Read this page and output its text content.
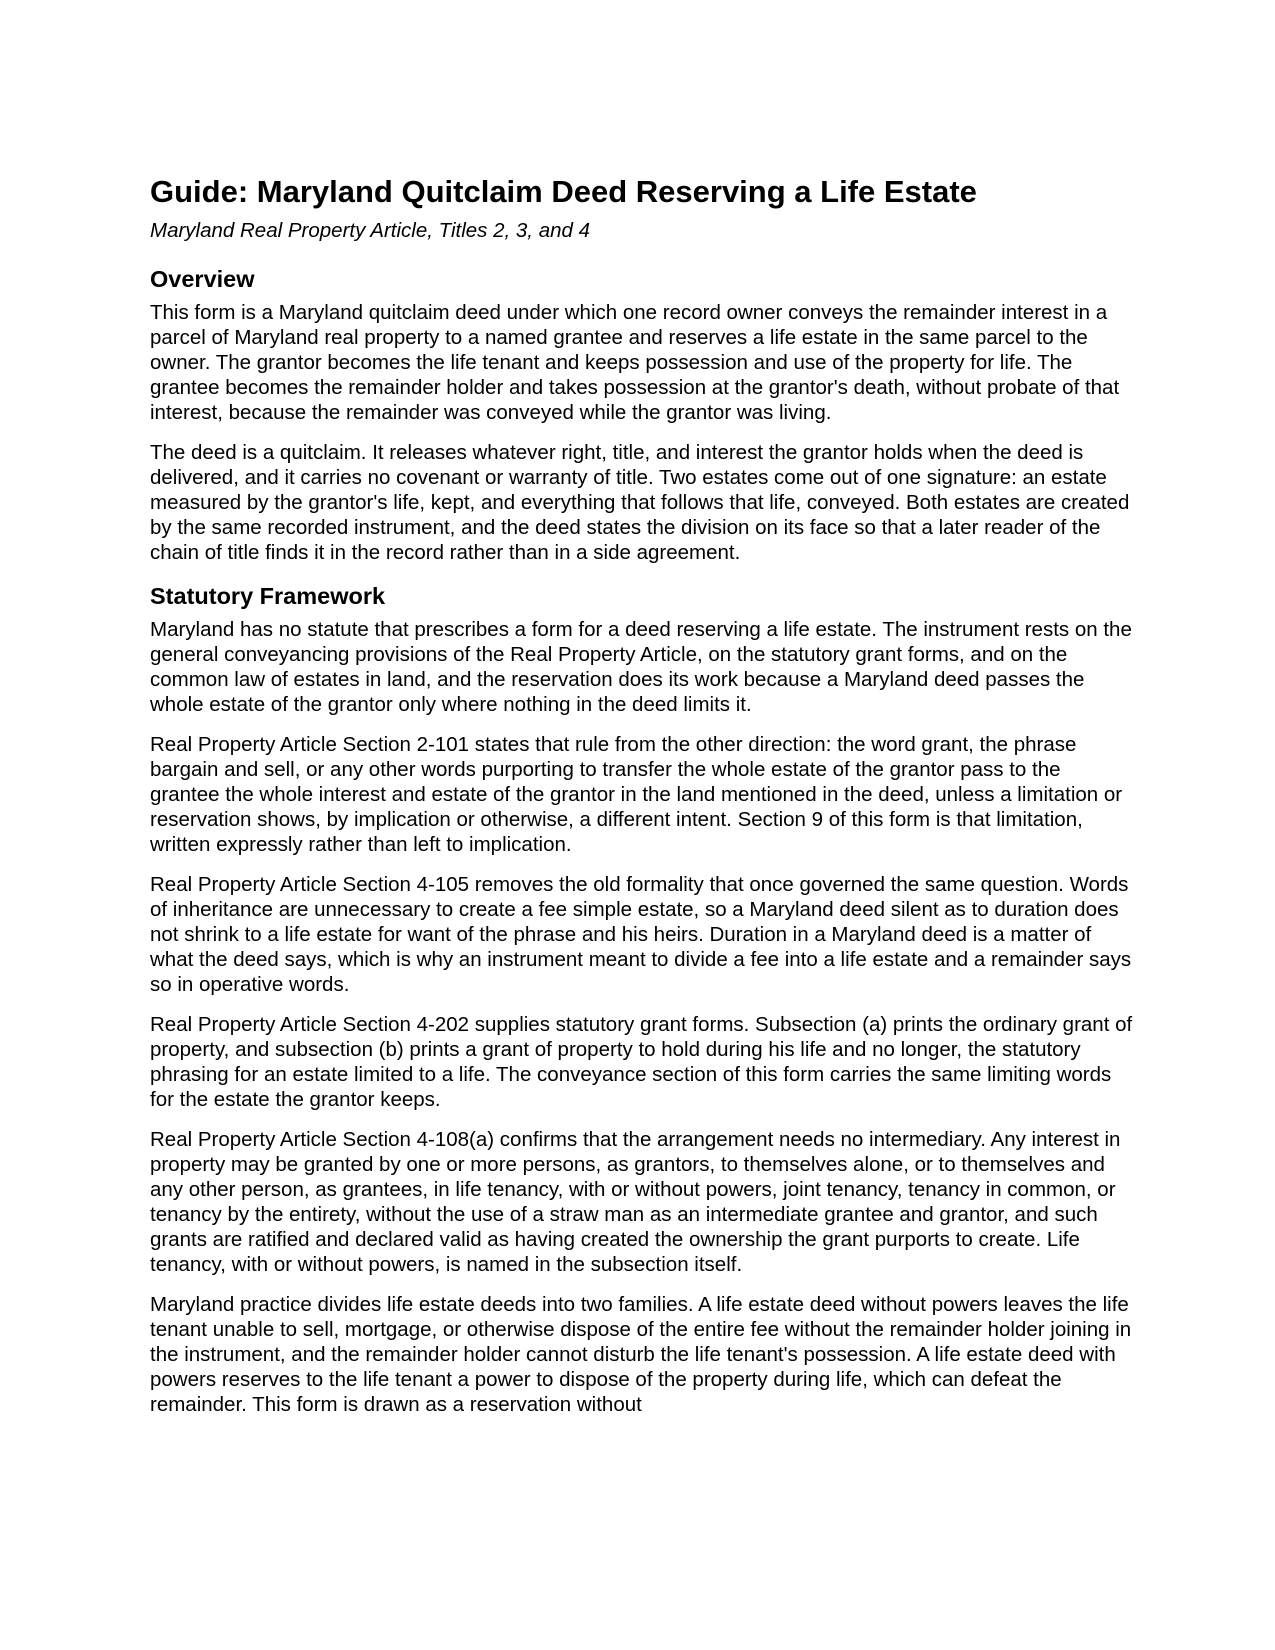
Guide: Maryland Quitclaim Deed Reserving a Life Estate

Maryland Real Property Article, Titles 2, 3, and 4

Overview

This form is a Maryland quitclaim deed under which one record owner conveys the remainder interest in a parcel of Maryland real property to a named grantee and reserves a life estate in the same parcel to the owner. The grantor becomes the life tenant and keeps possession and use of the property for life. The grantee becomes the remainder holder and takes possession at the grantor's death, without probate of that interest, because the remainder was conveyed while the grantor was living.

The deed is a quitclaim. It releases whatever right, title, and interest the grantor holds when the deed is delivered, and it carries no covenant or warranty of title. Two estates come out of one signature: an estate measured by the grantor's life, kept, and everything that follows that life, conveyed. Both estates are created by the same recorded instrument, and the deed states the division on its face so that a later reader of the chain of title finds it in the record rather than in a side agreement.

Statutory Framework

Maryland has no statute that prescribes a form for a deed reserving a life estate. The instrument rests on the general conveyancing provisions of the Real Property Article, on the statutory grant forms, and on the common law of estates in land, and the reservation does its work because a Maryland deed passes the whole estate of the grantor only where nothing in the deed limits it.

Real Property Article Section 2-101 states that rule from the other direction: the word grant, the phrase bargain and sell, or any other words purporting to transfer the whole estate of the grantor pass to the grantee the whole interest and estate of the grantor in the land mentioned in the deed, unless a limitation or reservation shows, by implication or otherwise, a different intent. Section 9 of this form is that limitation, written expressly rather than left to implication.

Real Property Article Section 4-105 removes the old formality that once governed the same question. Words of inheritance are unnecessary to create a fee simple estate, so a Maryland deed silent as to duration does not shrink to a life estate for want of the phrase and his heirs. Duration in a Maryland deed is a matter of what the deed says, which is why an instrument meant to divide a fee into a life estate and a remainder says so in operative words.

Real Property Article Section 4-202 supplies statutory grant forms. Subsection (a) prints the ordinary grant of property, and subsection (b) prints a grant of property to hold during his life and no longer, the statutory phrasing for an estate limited to a life. The conveyance section of this form carries the same limiting words for the estate the grantor keeps.

Real Property Article Section 4-108(a) confirms that the arrangement needs no intermediary. Any interest in property may be granted by one or more persons, as grantors, to themselves alone, or to themselves and any other person, as grantees, in life tenancy, with or without powers, joint tenancy, tenancy in common, or tenancy by the entirety, without the use of a straw man as an intermediate grantee and grantor, and such grants are ratified and declared valid as having created the ownership the grant purports to create. Life tenancy, with or without powers, is named in the subsection itself.

Maryland practice divides life estate deeds into two families. A life estate deed without powers leaves the life tenant unable to sell, mortgage, or otherwise dispose of the entire fee without the remainder holder joining in the instrument, and the remainder holder cannot disturb the life tenant's possession. A life estate deed with powers reserves to the life tenant a power to dispose of the property during life, which can defeat the remainder. This form is drawn as a reservation without
